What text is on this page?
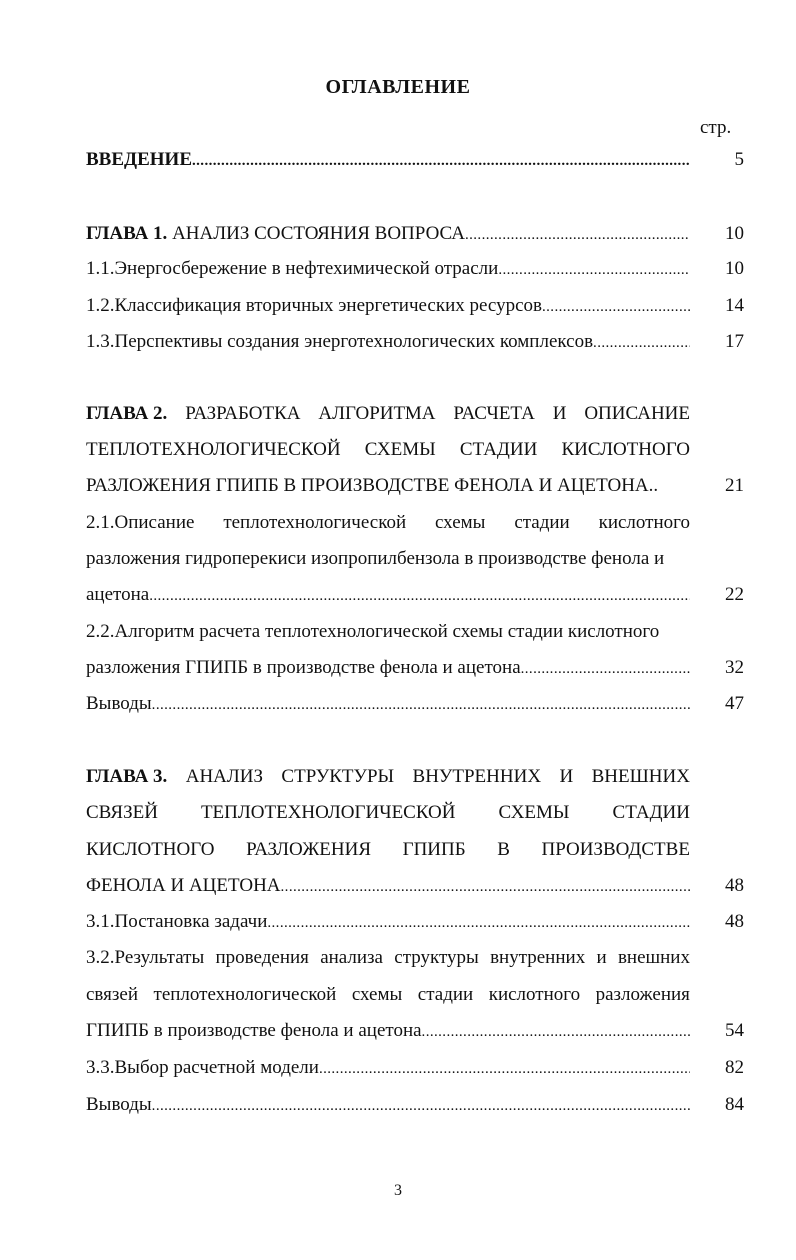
ОГЛАВЛЕНИЕ
стр.
ВВЕДЕНИЕ .....	5
ГЛАВА 1. АНАЛИЗ СОСТОЯНИЯ ВОПРОСА .....	10
1.1.Энергосбережение в нефтехимической отрасли .....	10
1.2.Классификация вторичных энергетических ресурсов .....	14
1.3.Перспективы создания энерготехнологических комплексов .....	17
ГЛАВА 2. РАЗРАБОТКА АЛГОРИТМА РАСЧЕТА И ОПИСАНИЕ
ТЕПЛОТЕХНОЛОГИЧЕСКОЙ СХЕМЫ СТАДИИ КИСЛОТНОГО
РАЗЛОЖЕНИЯ ГПИПБ В ПРОИЗВОДСТВЕ ФЕНОЛА И АЦЕТОНА..	21
2.1.Описание теплотехнологической схемы стадии кислотного
разложения гидроперекиси изопропилбензола в производстве фенола и
ацетона .....	22
2.2.Алгоритм расчета теплотехнологической схемы стадии кислотного
разложения ГПИПБ в производстве фенола и ацетона .....	32
Выводы .....	47
ГЛАВА 3. АНАЛИЗ СТРУКТУРЫ ВНУТРЕННИХ И ВНЕШНИХ
СВЯЗЕЙ ТЕПЛОТЕХНОЛОГИЧЕСКОЙ СХЕМЫ СТАДИИ
КИСЛОТНОГО РАЗЛОЖЕНИЯ ГПИПБ В ПРОИЗВОДСТВЕ
ФЕНОЛА И АЦЕТОНА .....	48
3.1.Постановка задачи .....	48
3.2.Результаты проведения анализа структуры внутренних и внешних
связей теплотехнологической схемы стадии кислотного разложения
ГПИПБ в производстве фенола и ацетона .....	54
3.3.Выбор расчетной модели .....	82
Выводы .....	84
3
